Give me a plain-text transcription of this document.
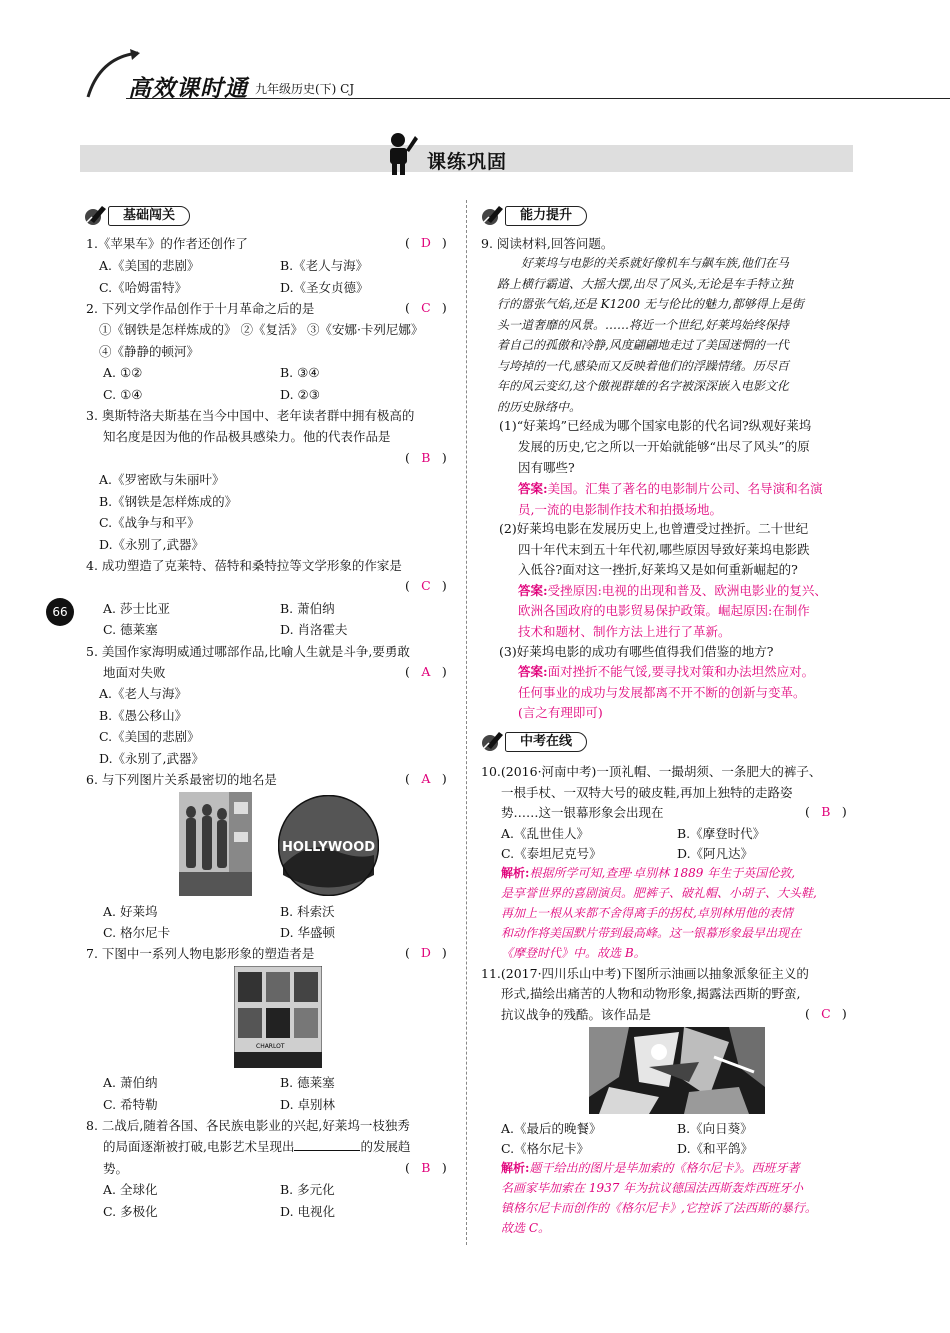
高效课时通 九年级历史(下) CJ
课练巩固
66
基础闯关	能力提升
中考在线
1.《苹果车》的作者还创作了	( D )
A.《美国的悲剧》	B.《老人与海》
C.《哈姆雷特》	D.《圣女贞德》
2. 下列文学作品创作于十月革命之后的是	( C )
①《钢铁是怎样炼成的》 ②《复活》 ③《安娜·卡列尼娜》
④《静静的顿河》
A. ①②	B. ③④
C. ①④	D. ②③
3. 奥斯特洛夫斯基在当今中国中、老年读者群中拥有极高的
知名度是因为他的作品极具感染力。他的代表作品是
( B )
A.《罗密欧与朱丽叶》
B.《钢铁是怎样炼成的》
C.《战争与和平》
D.《永别了,武器》
4. 成功塑造了克莱特、蓓特和桑特拉等文学形象的作家是
( C )
A. 莎士比亚	B. 萧伯纳
C. 德莱塞	D. 肖洛霍夫
5. 美国作家海明威通过哪部作品,比喻人生就是斗争,要勇敢
地面对失败	( A )
A.《老人与海》
B.《愚公移山》
C.《美国的悲剧》
D.《永别了,武器》
6. 与下列图片关系最密切的地名是	( A )
HOLLYWOOD
A. 好莱坞	B. 科索沃
C. 格尔尼卡	D. 华盛顿
7. 下图中一系列人物电影形象的塑造者是	( D )
CHARLOT
A. 萧伯纳	B. 德莱塞
C. 希特勒	D. 卓别林
8. 二战后,随着各国、各民族电影业的兴起,好莱坞一枝独秀
的局面逐渐被打破,电影艺术呈现出	的发展趋
势。	( B )
A. 全球化	B. 多元化
C. 多极化	D. 电视化
9. 阅读材料,回答问题。
好莱坞与电影的关系就好像机车与飙车族,他们在马
路上横行霸道、大摇大摆,出尽了风头,无论是车手特立独
行的嚣张气焰,还是 K1200 无与伦比的魅力,都够得上是街
头一道奢靡的风景。……将近一个世纪,好莱坞始终保持
着自己的孤傲和冷静,风度翩翩地走过了美国迷惘的一代
与垮掉的一代,感染而又反映着他们的浮躁情绪。历尽百
年的风云变幻,这个傲视群雄的名字被深深嵌入电影文化
的历史脉络中。
(1)“好莱坞”已经成为哪个国家电影的代名词?纵观好莱坞
发展的历史,它之所以一开始就能够“出尽了风头”的原
因有哪些?
答案:美国。汇集了著名的电影制片公司、名导演和名演
员,一流的电影制作技术和拍摄场地。
(2)好莱坞电影在发展历史上,也曾遭受过挫折。二十世纪
四十年代末到五十年代初,哪些原因导致好莱坞电影跌
入低谷?面对这一挫折,好莱坞又是如何重新崛起的?
答案:受挫原因:电视的出现和普及、欧洲电影业的复兴、
欧洲各国政府的电影贸易保护政策。崛起原因:在制作
技术和题材、制作方法上进行了革新。
(3)好莱坞电影的成功有哪些值得我们借鉴的地方?
答案:面对挫折不能气馁,要寻找对策和办法坦然应对。
任何事业的成功与发展都离不开不断的创新与变革。
(言之有理即可)
10.(2016·河南中考)一顶礼帽、一撮胡须、一条肥大的裤子、
一根手杖、一双特大号的破皮鞋,再加上独特的走路姿
势……这一银幕形象会出现在	( B )
A.《乱世佳人》	B.《摩登时代》
C.《泰坦尼克号》	D.《阿凡达》
解析:根据所学可知,查理·卓别林 1889 年生于英国伦敦,
是享誉世界的喜剧演员。肥裤子、破礼帽、小胡子、大头鞋,
再加上一根从来都不舍得离手的拐杖,卓别林用他的表情
和动作将美国默片带到最高峰。这一银幕形象最早出现在
《摩登时代》中。故选 B。
11.(2017·四川乐山中考)下图所示油画以抽象派象征主义的
形式,描绘出痛苦的人物和动物形象,揭露法西斯的野蛮,
抗议战争的残酷。该作品是	( C )
A.《最后的晚餐》	B.《向日葵》
C.《格尔尼卡》	D.《和平鸽》
解析:题干给出的图片是毕加索的《格尔尼卡》。西班牙著
名画家毕加索在 1937 年为抗议德国法西斯轰炸西班牙小
镇格尔尼卡而创作的《格尔尼卡》,它控诉了法西斯的暴行。
故选 C。
